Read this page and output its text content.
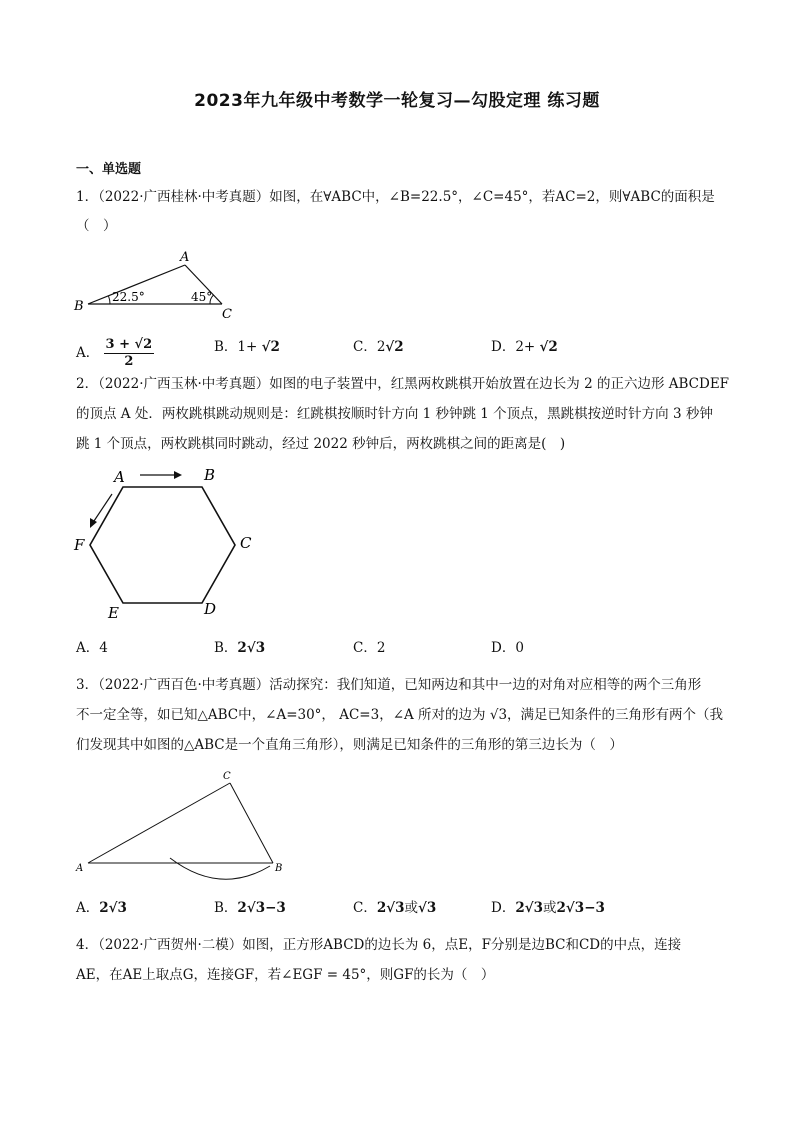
2023年九年级中考数学一轮复习—勾股定理 练习题
一、单选题
1．（2022·广西桂林·中考真题）如图，在∀ABC中，∠B=22.5°，∠C=45°，若AC=2，则∀ABC的面积是
（　）
B
A
C
22.5°	45°
A． $\frac{3 + √2}{2}$	B．1+ √2	C．2√2	D．2+ √2
2．（2022·广西玉林·中考真题）如图的电子装置中，红黑两枚跳棋开始放置在边长为 2 的正六边形 ABCDEF
的顶点 A 处．两枚跳棋跳动规则是：红跳棋按顺时针方向 1 秒钟跳 1 个顶点，黑跳棋按逆时针方向 3 秒钟
跳 1 个顶点，两枚跳棋同时跳动，经过 2022 秒钟后，两枚跳棋之间的距离是(　)
A	B
C
D
E
F
A．4	B．2√3	C．2	D．0
3．（2022·广西百色·中考真题）活动探究：我们知道，已知两边和其中一边的对角对应相等的两个三角形
不一定全等，如已知△ABC中，∠A=30°， AC=3，∠A 所对的边为 √3，满足已知条件的三角形有两个（我
们发现其中如图的△ABC是一个直角三角形），则满足已知条件的三角形的第三边长为（　）
A	B
C
A．2√3	B．2√3−3	C．2√3或√3	D．2√3或2√3−3
4．（2022·广西贺州·二模）如图，正方形ABCD的边长为 6，点E，F分别是边BC和CD的中点，连接
AE，在AE上取点G，连接GF，若∠EGF = 45°，则GF的长为（　）
